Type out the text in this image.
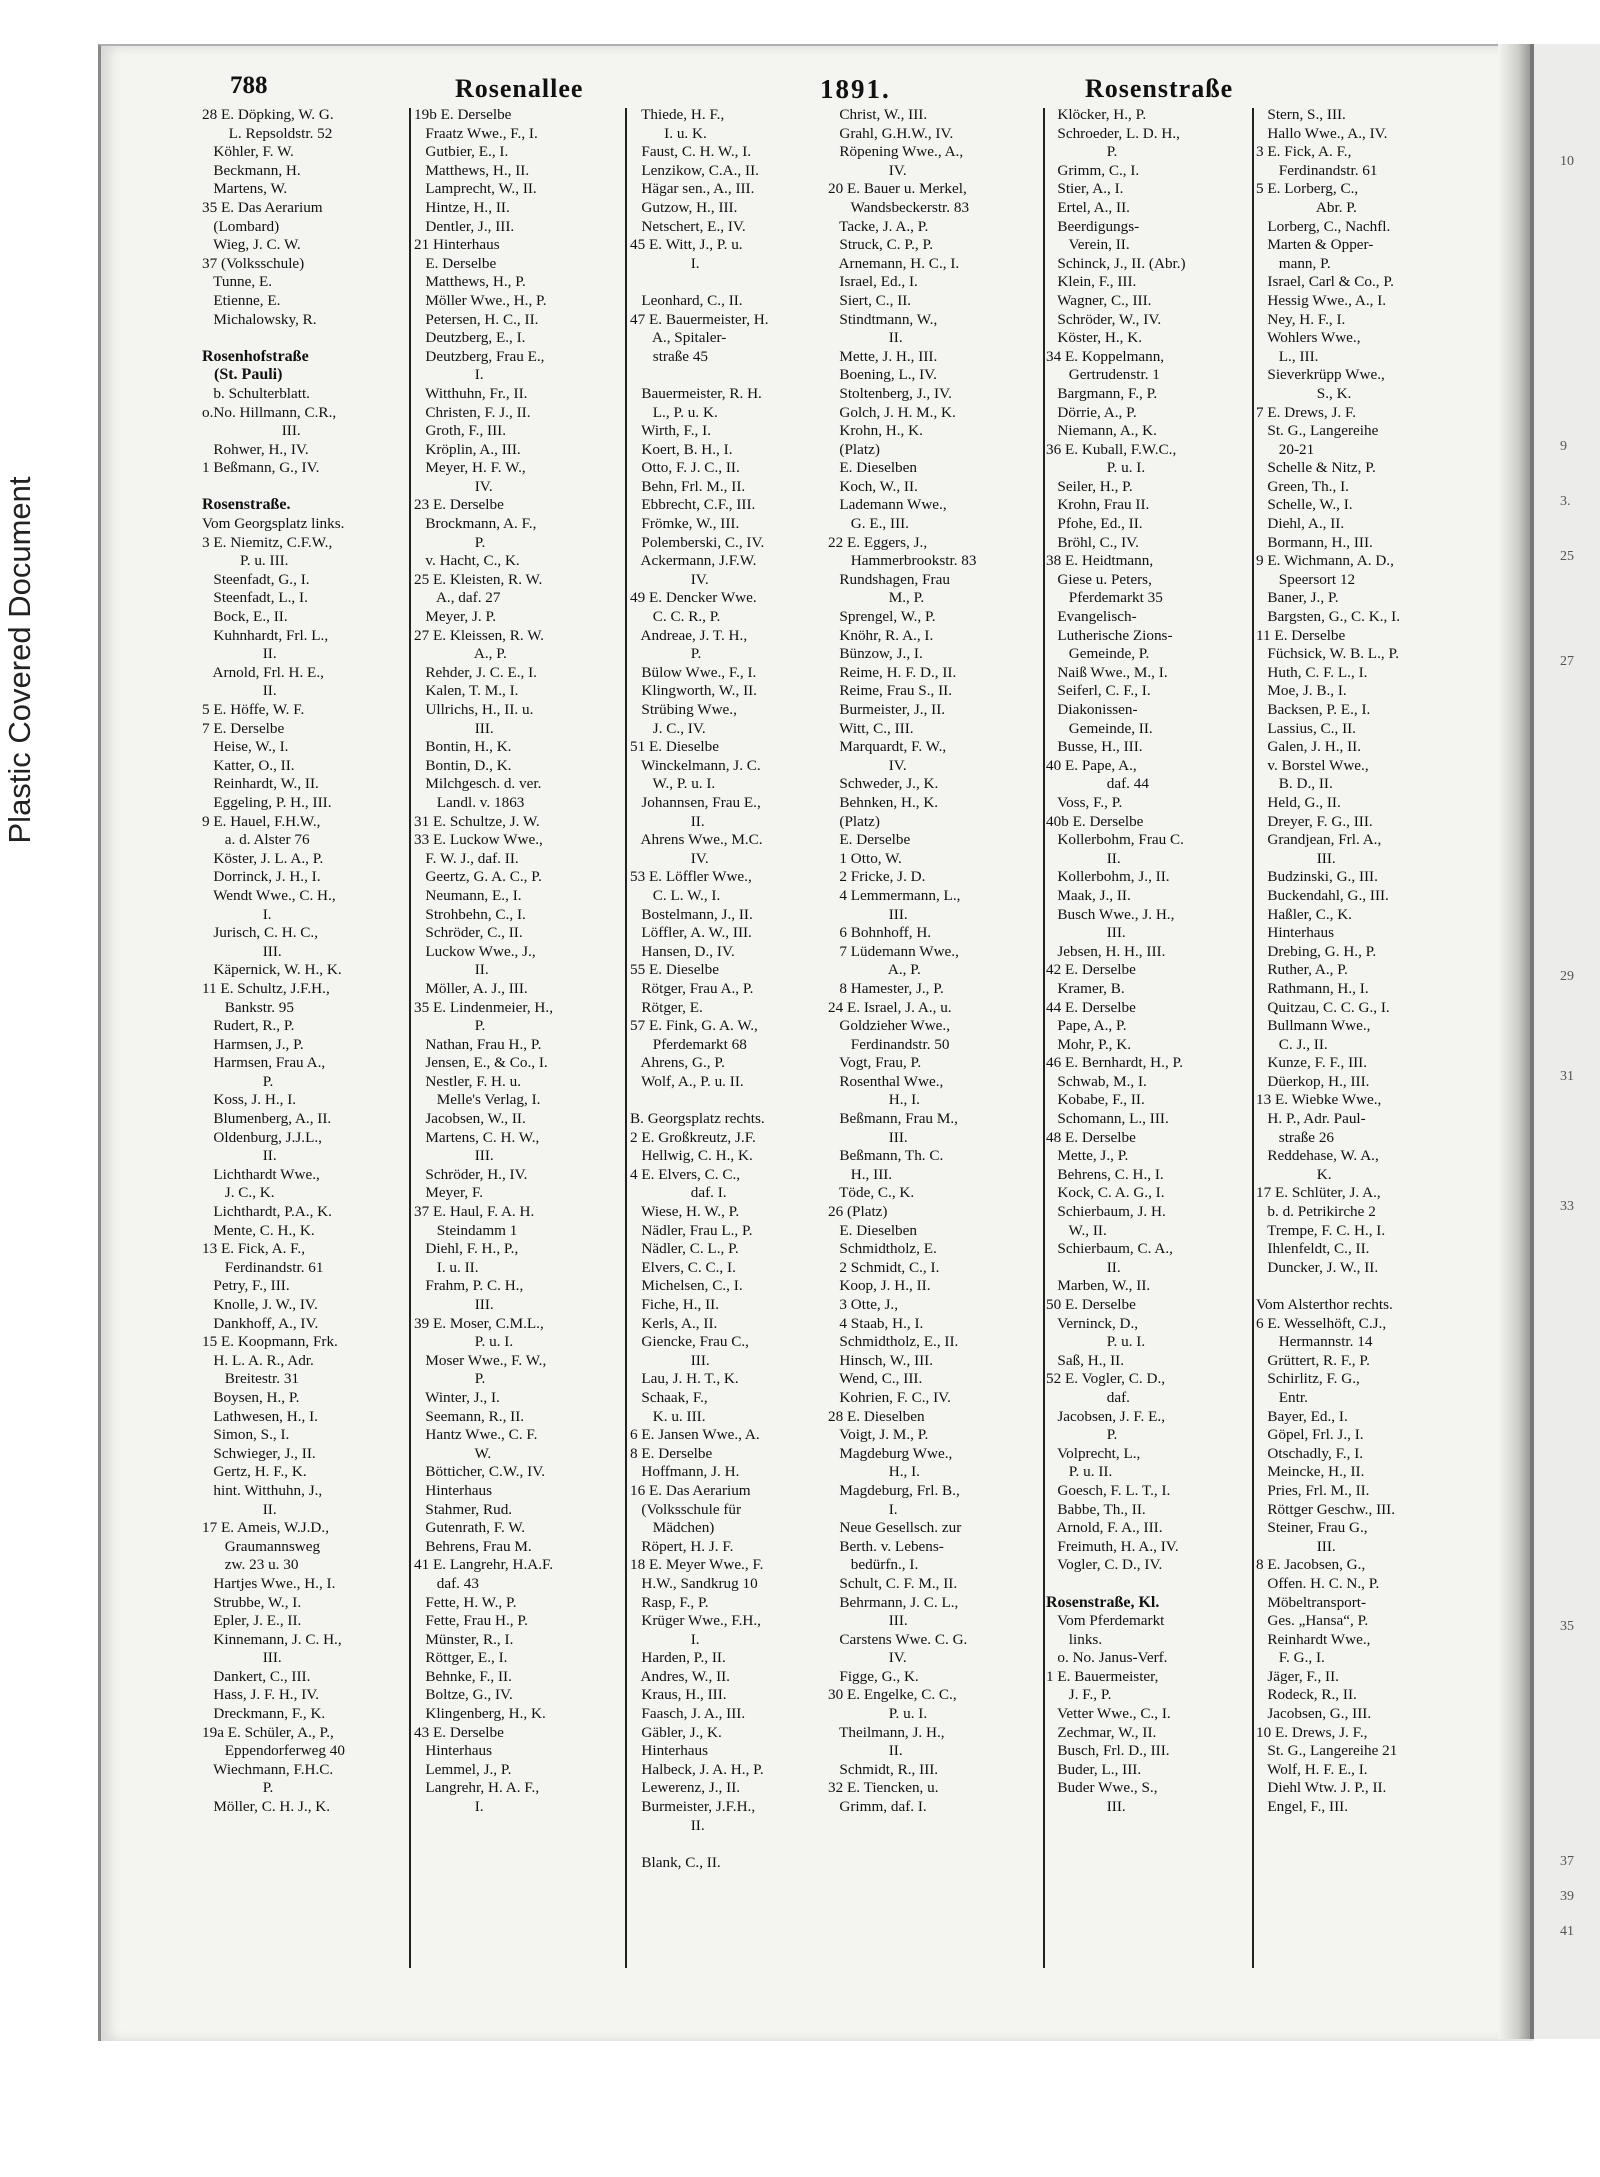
Plastic Covered Document
10
9
3.
25
27
29
31
33
35
37
39
41
788	Rosenallee	1891.	Rosenstraße
28 E. Döpking, W. G.
L. Repsoldstr. 52
Köhler, F. W.
Beckmann, H.
Martens, W.
35 E. Das Aerarium
(Lombard)
Wieg, J. C. W.
37 (Volksschule)
Tunne, E.
Etienne, E.
Michalowsky, R.
Rosenhofstraße
(St. Pauli)
b. Schulterblatt.
o.No. Hillmann, C.R.,
III.
Rohwer, H., IV.
1 Beßmann, G., IV.
Rosenstraße.
Vom Georgsplatz links.
3 E. Niemitz, C.F.W.,
P. u. III.
Steenfadt, G., I.
Steenfadt, L., I.
Bock, E., II.
Kuhnhardt, Frl. L.,
II.
Arnold, Frl. H. E.,
II.
5 E. Höffe, W. F.
7 E. Derselbe
Heise, W., I.
Katter, O., II.
Reinhardt, W., II.
Eggeling, P. H., III.
9 E. Hauel, F.H.W.,
a. d. Alster 76
Köster, J. L. A., P.
Dorrinck, J. H., I.
Wendt Wwe., C. H.,
I.
Jurisch, C. H. C.,
III.
Käpernick, W. H., K.
11 E. Schultz, J.F.H.,
Bankstr. 95
Rudert, R., P.
Harmsen, J., P.
Harmsen, Frau A.,
P.
Koss, J. H., I.
Blumenberg, A., II.
Oldenburg, J.J.L.,
II.
Lichthardt Wwe.,
J. C., K.
Lichthardt, P.A., K.
Mente, C. H., K.
13 E. Fick, A. F.,
Ferdinandstr. 61
Petry, F., III.
Knolle, J. W., IV.
Dankhoff, A., IV.
15 E. Koopmann, Frk.
H. L. A. R., Adr.
Breitestr. 31
Boysen, H., P.
Lathwesen, H., I.
Simon, S., I.
Schwieger, J., II.
Gertz, H. F., K.
hint. Witthuhn, J.,
II.
17 E. Ameis, W.J.D.,
Graumannsweg
zw. 23 u. 30
Hartjes Wwe., H., I.
Strubbe, W., I.
Epler, J. E., II.
Kinnemann, J. C. H.,
III.
Dankert, C., III.
Hass, J. F. H., IV.
Dreckmann, F., K.
19a E. Schüler, A., P.,
Eppendorferweg 40
Wiechmann, F.H.C.
P.
Möller, C. H. J., K.
19b E. Derselbe
Fraatz Wwe., F., I.
Gutbier, E., I.
Matthews, H., II.
Lamprecht, W., II.
Hintze, H., II.
Dentler, J., III.
21 Hinterhaus
E. Derselbe
Matthews, H., P.
Möller Wwe., H., P.
Petersen, H. C., II.
Deutzberg, E., I.
Deutzberg, Frau E.,
I.
Witthuhn, Fr., II.
Christen, F. J., II.
Groth, F., III.
Kröplin, A., III.
Meyer, H. F. W.,
IV.
23 E. Derselbe
Brockmann, A. F.,
P.
v. Hacht, C., K.
25 E. Kleisten, R. W.
A., daf. 27
Meyer, J. P.
27 E. Kleissen, R. W.
A., P.
Rehder, J. C. E., I.
Kalen, T. M., I.
Ullrichs, H., II. u.
III.
Bontin, H., K.
Bontin, D., K.
Milchgesch. d. ver.
Landl. v. 1863
31 E. Schultze, J. W.
33 E. Luckow Wwe.,
F. W. J., daf. II.
Geertz, G. A. C., P.
Neumann, E., I.
Strohbehn, C., I.
Schröder, C., II.
Luckow Wwe., J.,
II.
Möller, A. J., III.
35 E. Lindenmeier, H.,
P.
Nathan, Frau H., P.
Jensen, E., & Co., I.
Nestler, F. H. u.
Melle's Verlag, I.
Jacobsen, W., II.
Martens, C. H. W.,
III.
Schröder, H., IV.
Meyer, F.
37 E. Haul, F. A. H.
Steindamm 1
Diehl, F. H., P.,
I. u. II.
Frahm, P. C. H.,
III.
39 E. Moser, C.M.L.,
P. u. I.
Moser Wwe., F. W.,
P.
Winter, J., I.
Seemann, R., II.
Hantz Wwe., C. F.
W.
Bötticher, C.W., IV.
Hinterhaus
Stahmer, Rud.
Gutenrath, F. W.
Behrens, Frau M.
41 E. Langrehr, H.A.F.
daf. 43
Fette, H. W., P.
Fette, Frau H., P.
Münster, R., I.
Röttger, E., I.
Behnke, F., II.
Boltze, G., IV.
Klingenberg, H., K.
43 E. Derselbe
Hinterhaus
Lemmel, J., P.
Langrehr, H. A. F.,
I.
Thiede, H. F.,
I. u. K.
Faust, C. H. W., I.
Lenzikow, C.A., II.
Hägar sen., A., III.
Gutzow, H., III.
Netschert, E., IV.
45 E. Witt, J., P. u.
I.
Leonhard, C., II.
47 E. Bauermeister, H.
A., Spitaler-
straße 45
Bauermeister, R. H.
L., P. u. K.
Wirth, F., I.
Koert, B. H., I.
Otto, F. J. C., II.
Behn, Frl. M., II.
Ebbrecht, C.F., III.
Frömke, W., III.
Polemberski, C., IV.
Ackermann, J.F.W.
IV.
49 E. Dencker Wwe.
C. C. R., P.
Andreae, J. T. H.,
P.
Bülow Wwe., F., I.
Klingworth, W., II.
Strübing Wwe.,
J. C., IV.
51 E. Dieselbe
Winckelmann, J. C.
W., P. u. I.
Johannsen, Frau E.,
II.
Ahrens Wwe., M.C.
IV.
53 E. Löffler Wwe.,
C. L. W., I.
Bostelmann, J., II.
Löffler, A. W., III.
Hansen, D., IV.
55 E. Dieselbe
Rötger, Frau A., P.
Rötger, E.
57 E. Fink, G. A. W.,
Pferdemarkt 68
Ahrens, G., P.
Wolf, A., P. u. II.
B. Georgsplatz rechts.
2 E. Großkreutz, J.F.
Hellwig, C. H., K.
4 E. Elvers, C. C.,
daf. I.
Wiese, H. W., P.
Nädler, Frau L., P.
Nädler, C. L., P.
Elvers, C. C., I.
Michelsen, C., I.
Fiche, H., II.
Kerls, A., II.
Giencke, Frau C.,
III.
Lau, J. H. T., K.
Schaak, F.,
K. u. III.
6 E. Jansen Wwe., A.
8 E. Derselbe
Hoffmann, J. H.
16 E. Das Aerarium
(Volksschule für
Mädchen)
Röpert, H. J. F.
18 E. Meyer Wwe., F.
H.W., Sandkrug 10
Rasp, F., P.
Krüger Wwe., F.H.,
I.
Harden, P., II.
Andres, W., II.
Kraus, H., III.
Faasch, J. A., III.
Gäbler, J., K.
Hinterhaus
Halbeck, J. A. H., P.
Lewerenz, J., II.
Burmeister, J.F.H.,
II.
Blank, C., II.
Christ, W., III.
Grahl, G.H.W., IV.
Röpening Wwe., A.,
IV.
20 E. Bauer u. Merkel,
Wandsbeckerstr. 83
Tacke, J. A., P.
Struck, C. P., P.
Arnemann, H. C., I.
Israel, Ed., I.
Siert, C., II.
Stindtmann, W.,
II.
Mette, J. H., III.
Boening, L., IV.
Stoltenberg, J., IV.
Golch, J. H. M., K.
Krohn, H., K.
(Platz)
E. Dieselben
Koch, W., II.
Lademann Wwe.,
G. E., III.
22 E. Eggers, J.,
Hammerbrookstr. 83
Rundshagen, Frau
M., P.
Sprengel, W., P.
Knöhr, R. A., I.
Bünzow, J., I.
Reime, H. F. D., II.
Reime, Frau S., II.
Burmeister, J., II.
Witt, C., III.
Marquardt, F. W.,
IV.
Schweder, J., K.
Behnken, H., K.
(Platz)
E. Derselbe
1 Otto, W.
2 Fricke, J. D.
4 Lemmermann, L.,
III.
6 Bohnhoff, H.
7 Lüdemann Wwe.,
A., P.
8 Hamester, J., P.
24 E. Israel, J. A., u.
Goldzieher Wwe.,
Ferdinandstr. 50
Vogt, Frau, P.
Rosenthal Wwe.,
H., I.
Beßmann, Frau M.,
III.
Beßmann, Th. C.
H., III.
Töde, C., K.
26 (Platz)
E. Dieselben
Schmidtholz, E.
2 Schmidt, C., I.
Koop, J. H., II.
3 Otte, J.,
4 Staab, H., I.
Schmidtholz, E., II.
Hinsch, W., III.
Wend, C., III.
Kohrien, F. C., IV.
28 E. Dieselben
Voigt, J. M., P.
Magdeburg Wwe.,
H., I.
Magdeburg, Frl. B.,
I.
Neue Gesellsch. zur
Berth. v. Lebens-
bedürfn., I.
Schult, C. F. M., II.
Behrmann, J. C. L.,
III.
Carstens Wwe. C. G.
IV.
Figge, G., K.
30 E. Engelke, C. C.,
P. u. I.
Theilmann, J. H.,
II.
Schmidt, R., III.
32 E. Tiencken, u.
Grimm, daf. I.
Klöcker, H., P.
Schroeder, L. D. H.,
P.
Grimm, C., I.
Stier, A., I.
Ertel, A., II.
Beerdigungs-
Verein, II.
Schinck, J., II. (Abr.)
Klein, F., III.
Wagner, C., III.
Schröder, W., IV.
Köster, H., K.
34 E. Koppelmann,
Gertrudenstr. 1
Bargmann, F., P.
Dörrie, A., P.
Niemann, A., K.
36 E. Kuball, F.W.C.,
P. u. I.
Seiler, H., P.
Krohn, Frau II.
Pfohe, Ed., II.
Bröhl, C., IV.
38 E. Heidtmann,
Giese u. Peters,
Pferdemarkt 35
Evangelisch-
Lutherische Zions-
Gemeinde, P.
Naiß Wwe., M., I.
Seiferl, C. F., I.
Diakonissen-
Gemeinde, II.
Busse, H., III.
40 E. Pape, A.,
daf. 44
Voss, F., P.
40b E. Derselbe
Kollerbohm, Frau C.
II.
Kollerbohm, J., II.
Maak, J., II.
Busch Wwe., J. H.,
III.
Jebsen, H. H., III.
42 E. Derselbe
Kramer, B.
44 E. Derselbe
Pape, A., P.
Mohr, P., K.
46 E. Bernhardt, H., P.
Schwab, M., I.
Kobabe, F., II.
Schomann, L., III.
48 E. Derselbe
Mette, J., P.
Behrens, C. H., I.
Kock, C. A. G., I.
Schierbaum, J. H.
W., II.
Schierbaum, C. A.,
II.
Marben, W., II.
50 E. Derselbe
Verninck, D.,
P. u. I.
Saß, H., II.
52 E. Vogler, C. D.,
daf.
Jacobsen, J. F. E.,
P.
Volprecht, L.,
P. u. II.
Goesch, F. L. T., I.
Babbe, Th., II.
Arnold, F. A., III.
Freimuth, H. A., IV.
Vogler, C. D., IV.
Rosenstraße, Kl.
Vom Pferdemarkt
links.
o. No. Janus-Verf.
1 E. Bauermeister,
J. F., P.
Vetter Wwe., C., I.
Zechmar, W., II.
Busch, Frl. D., III.
Buder, L., III.
Buder Wwe., S.,
III.
Stern, S., III.
Hallo Wwe., A., IV.
3 E. Fick, A. F.,
Ferdinandstr. 61
5 E. Lorberg, C.,
Abr. P.
Lorberg, C., Nachfl.
Marten & Opper-
mann, P.
Israel, Carl & Co., P.
Hessig Wwe., A., I.
Ney, H. F., I.
Wohlers Wwe.,
L., III.
Sieverkrüpp Wwe.,
S., K.
7 E. Drews, J. F.
St. G., Langereihe
20-21
Schelle & Nitz, P.
Green, Th., I.
Schelle, W., I.
Diehl, A., II.
Bormann, H., III.
9 E. Wichmann, A. D.,
Speersort 12
Baner, J., P.
Bargsten, G., C. K., I.
11 E. Derselbe
Füchsick, W. B. L., P.
Huth, C. F. L., I.
Moe, J. B., I.
Backsen, P. E., I.
Lassius, C., II.
Galen, J. H., II.
v. Borstel Wwe.,
B. D., II.
Held, G., II.
Dreyer, F. G., III.
Grandjean, Frl. A.,
III.
Budzinski, G., III.
Buckendahl, G., III.
Haßler, C., K.
Hinterhaus
Drebing, G. H., P.
Ruther, A., P.
Rathmann, H., I.
Quitzau, C. C. G., I.
Bullmann Wwe.,
C. J., II.
Kunze, F. F., III.
Düerkop, H., III.
13 E. Wiebke Wwe.,
H. P., Adr. Paul-
straße 26
Reddehase, W. A.,
K.
17 E. Schlüter, J. A.,
b. d. Petrikirche 2
Trempe, F. C. H., I.
Ihlenfeldt, C., II.
Duncker, J. W., II.
Vom Alsterthor rechts.
6 E. Wesselhöft, C.J.,
Hermannstr. 14
Grüttert, R. F., P.
Schirlitz, F. G.,
Entr.
Bayer, Ed., I.
Göpel, Frl. J., I.
Otschadly, F., I.
Meincke, H., II.
Pries, Frl. M., II.
Röttger Geschw., III.
Steiner, Frau G.,
III.
8 E. Jacobsen, G.,
Offen. H. C. N., P.
Möbeltransport-
Ges. „Hansa“, P.
Reinhardt Wwe.,
F. G., I.
Jäger, F., II.
Rodeck, R., II.
Jacobsen, G., III.
10 E. Drews, J. F.,
St. G., Langereihe 21
Wolf, H. F. E., I.
Diehl Wtw. J. P., II.
Engel, F., III.
